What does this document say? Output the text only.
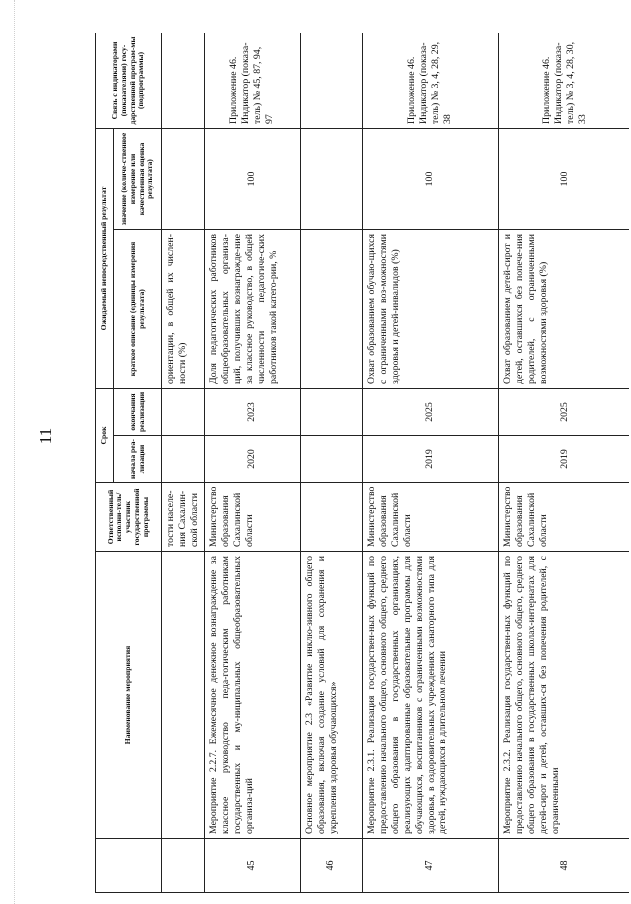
11
	Наименование мероприятия	Ответственный исполни-тель/участник государственной программы	Срок		Ожидаемый непосредственный результат		Связь с индикаторами (показателями) госу-дарственной програм-мы (подпрограммы)
			начала реа-лизации	окончания реализации	краткое описание (единицы измерения результата)	значение (количе-ственное измерение или качественная оценка результата)	
		тости населе-ния Сахалин-ской области			ориентации, в общей их числен-ности (%)		
45	Мероприятие 2.2.7. Ежемесячное денежное вознаграждение за классное руководство педа-гогическим работникам государственных и му-ниципальных общеобразовательных организа-ций	Министерство образования Сахалинской области	2020	2023	Доля педагогических работников общеобразовательных организа-ций, получивших вознагражде-ние за классное руководство, в общей численности педагогиче-ских работников такой катего-рии, %	100	Приложение 46. Индикатор (показа-тель) № 45, 87, 94, 97
46	Основное мероприятие 2.3 «Развитие инклю-зивного общего образования, включая создание условий для сохранения и укрепления здоровья обучающихся»						
47	Мероприятие 2.3.1. Реализация государствен-ных функций по предоставлению начального общего, основного общего, среднего общего образования в государственных организациях, реализующих адаптированные образовательные программы для обучающихся, воспитанников с ограниченными возможностями здоровья, в оздоровительных учреждениях санаторного типа для детей, нуждающихся в длительном лечении	Министерство образования Сахалинской области	2019	2025	Охват образованием обучаю-щихся с ограниченными воз-можностями здоровья и детей-инвалидов (%)	100	Приложение 46. Индикатор (показа-тель) № 3, 4, 28, 29, 38
48	Мероприятие 2.3.2. Реализация государствен-ных функций по предоставлению начального общего, основного общего, среднего общего образования в государственных школах-интернатах для детей-сирот и детей, оставших-ся без попечения родителей, с ограниченными	Министерство образования Сахалинской области	2019	2025	Охват образованием детей-сирот и детей, оставшихся без попече-ния родителей, с ограниченными возможностями здоровья (%)	100	Приложение 46. Индикатор (показа-тель) № 3, 4, 28, 30, 33
